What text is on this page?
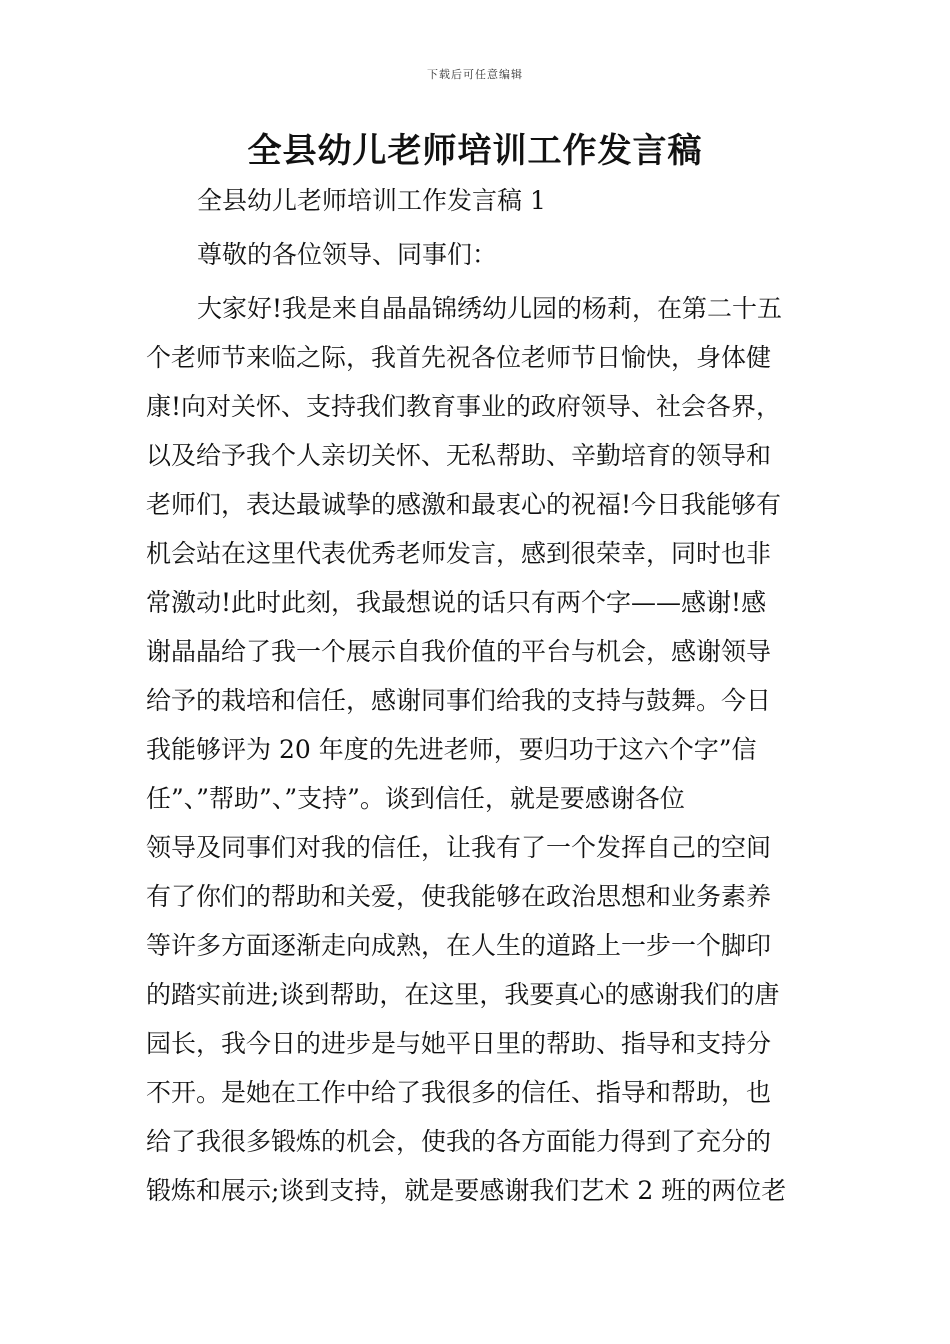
下载后可任意编辑
全县幼儿老师培训工作发言稿
全县幼儿老师培训工作发言稿 1
尊敬的各位领导、同事们：
大家好!我是来自晶晶锦绣幼儿园的杨莉，在第二十五
个老师节来临之际，我首先祝各位老师节日愉快，身体健
康!向对关怀、支持我们教育事业的政府领导、社会各界，
以及给予我个人亲切关怀、无私帮助、辛勤培育的领导和
老师们，表达最诚挚的感激和最衷心的祝福!今日我能够有
机会站在这里代表优秀老师发言，感到很荣幸，同时也非
常激动!此时此刻，我最想说的话只有两个字——感谢!感
谢晶晶给了我一个展示自我价值的平台与机会，感谢领导
给予的栽培和信任，感谢同事们给我的支持与鼓舞。今日
我能够评为 20 年度的先进老师，要归功于这六个字”信
任”、”帮助”、”支持”。谈到信任，就是要感谢各位
领导及同事们对我的信任，让我有了一个发挥自己的空间
有了你们的帮助和关爱，使我能够在政治思想和业务素养
等许多方面逐渐走向成熟，在人生的道路上一步一个脚印
的踏实前进;谈到帮助，在这里，我要真心的感谢我们的唐
园长，我今日的进步是与她平日里的帮助、指导和支持分
不开。是她在工作中给了我很多的信任、指导和帮助，也
给了我很多锻炼的机会，使我的各方面能力得到了充分的
锻炼和展示;谈到支持，就是要感谢我们艺术 2 班的两位老
